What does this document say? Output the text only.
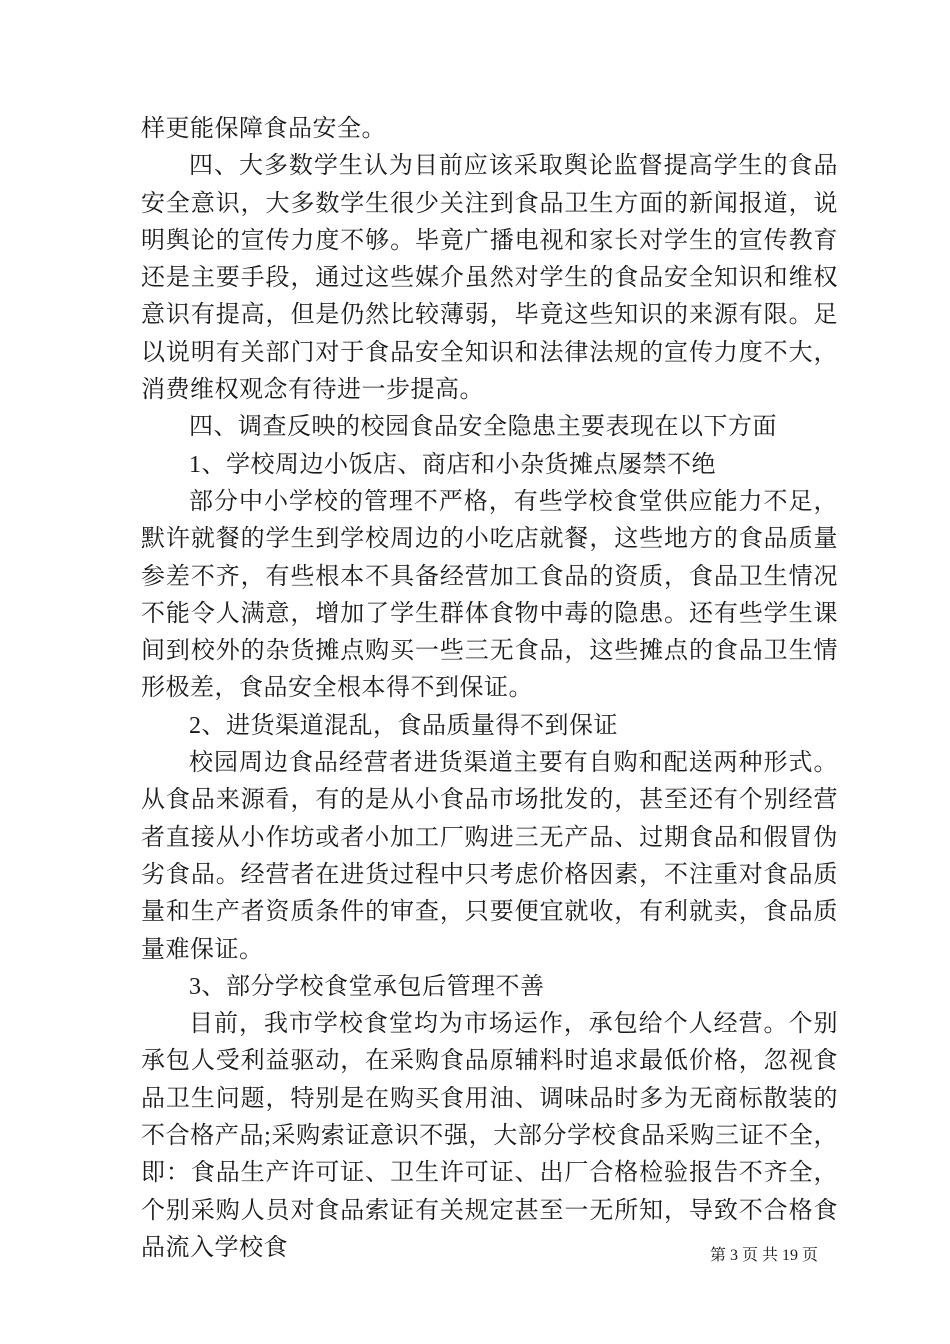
样更能保障食品安全。

四、大多数学生认为目前应该采取舆论监督提高学生的食品安全意识，大多数学生很少关注到食品卫生方面的新闻报道，说明舆论的宣传力度不够。毕竟广播电视和家长对学生的宣传教育还是主要手段，通过这些媒介虽然对学生的食品安全知识和维权意识有提高，但是仍然比较薄弱，毕竟这些知识的来源有限。足以说明有关部门对于食品安全知识和法律法规的宣传力度不大，消费维权观念有待进一步提高。

四、调查反映的校园食品安全隐患主要表现在以下方面

1、学校周边小饭店、商店和小杂货摊点屡禁不绝

部分中小学校的管理不严格，有些学校食堂供应能力不足，默许就餐的学生到学校周边的小吃店就餐，这些地方的食品质量参差不齐，有些根本不具备经营加工食品的资质，食品卫生情况不能令人满意，增加了学生群体食物中毒的隐患。还有些学生课间到校外的杂货摊点购买一些三无食品，这些摊点的食品卫生情形极差，食品安全根本得不到保证。

2、进货渠道混乱，食品质量得不到保证

校园周边食品经营者进货渠道主要有自购和配送两种形式。从食品来源看，有的是从小食品市场批发的，甚至还有个别经营者直接从小作坊或者小加工厂购进三无产品、过期食品和假冒伪劣食品。经营者在进货过程中只考虑价格因素，不注重对食品质量和生产者资质条件的审查，只要便宜就收，有利就卖，食品质量难保证。

3、部分学校食堂承包后管理不善

目前，我市学校食堂均为市场运作，承包给个人经营。个别承包人受利益驱动，在采购食品原辅料时追求最低价格，忽视食品卫生问题，特别是在购买食用油、调味品时多为无商标散装的不合格产品;采购索证意识不强，大部分学校食品采购三证不全，即：食品生产许可证、卫生许可证、出厂合格检验报告不齐全，个别采购人员对食品索证有关规定甚至一无所知，导致不合格食品流入学校食	第 3 页 共 19 页
